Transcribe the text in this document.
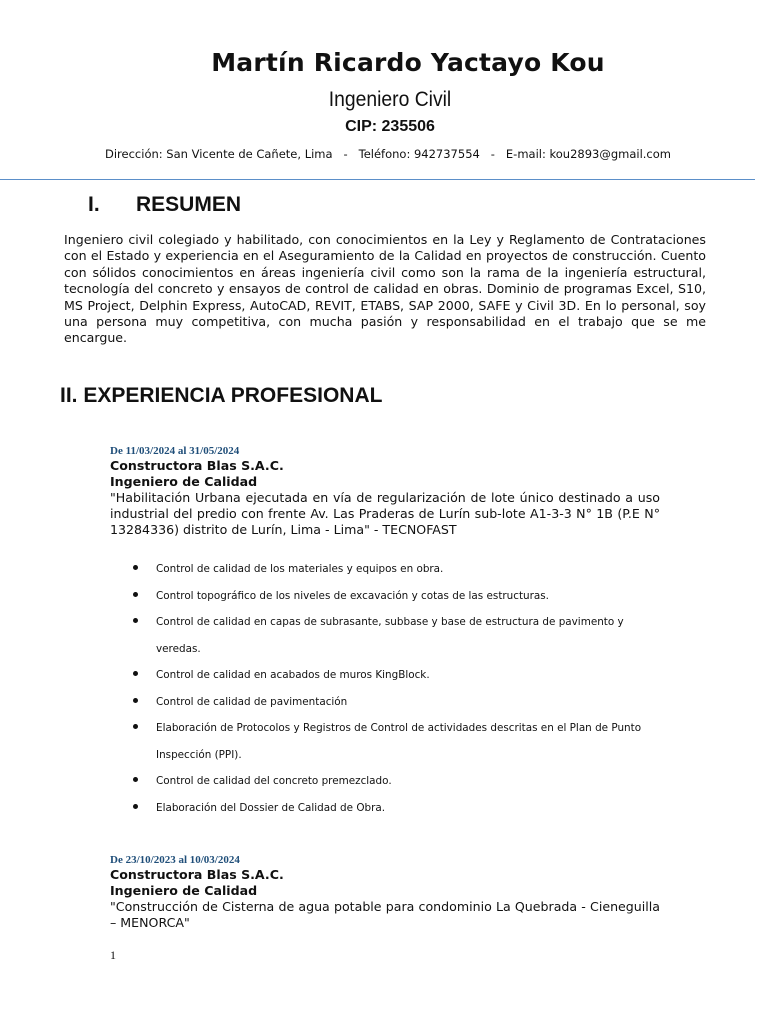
Martín Ricardo Yactayo Kou

Ingeniero Civil

CIP: 235506

Dirección: San Vicente de Cañete, Lima   -   Teléfono: 942737554   -   E-mail: kou2893@gmail.com

I. RESUMEN

Ingeniero civil colegiado y habilitado, con conocimientos en la Ley y Reglamento de Contrataciones con el Estado y experiencia en el Aseguramiento de la Calidad en proyectos de construcción. Cuento con sólidos conocimientos en áreas ingeniería civil como son la rama de la ingeniería estructural, tecnología del concreto y ensayos de control de calidad en obras. Dominio de programas Excel, S10, MS Project, Delphin Express, AutoCAD, REVIT, ETABS, SAP 2000, SAFE y Civil 3D. En lo personal, soy una persona muy competitiva, con mucha pasión y responsabilidad en el trabajo que se me encargue.

II. EXPERIENCIA PROFESIONAL

De 11/03/2024 al 31/05/2024

Constructora Blas S.A.C.

Ingeniero de Calidad

"Habilitación Urbana ejecutada en vía de regularización de lote único destinado a uso industrial del predio con frente Av. Las Praderas de Lurín sub-lote A1-3-3 N° 1B (P.E N° 13284336) distrito de Lurín, Lima - Lima" - TECNOFAST

Control de calidad de los materiales y equipos en obra.
Control topográfico de los niveles de excavación y cotas de las estructuras.
Control de calidad en capas de subrasante, subbase y base de estructura de pavimento y veredas.
Control de calidad en acabados de muros KingBlock.
Control de calidad de pavimentación
Elaboración de Protocolos y Registros de Control de actividades descritas en el Plan de Punto Inspección (PPI).
Control de calidad del concreto premezclado.
Elaboración del Dossier de Calidad de Obra.

De 23/10/2023 al 10/03/2024

Constructora Blas S.A.C.

Ingeniero de Calidad

"Construcción de Cisterna de agua potable para condominio La Quebrada - Cieneguilla – MENORCA"

1
